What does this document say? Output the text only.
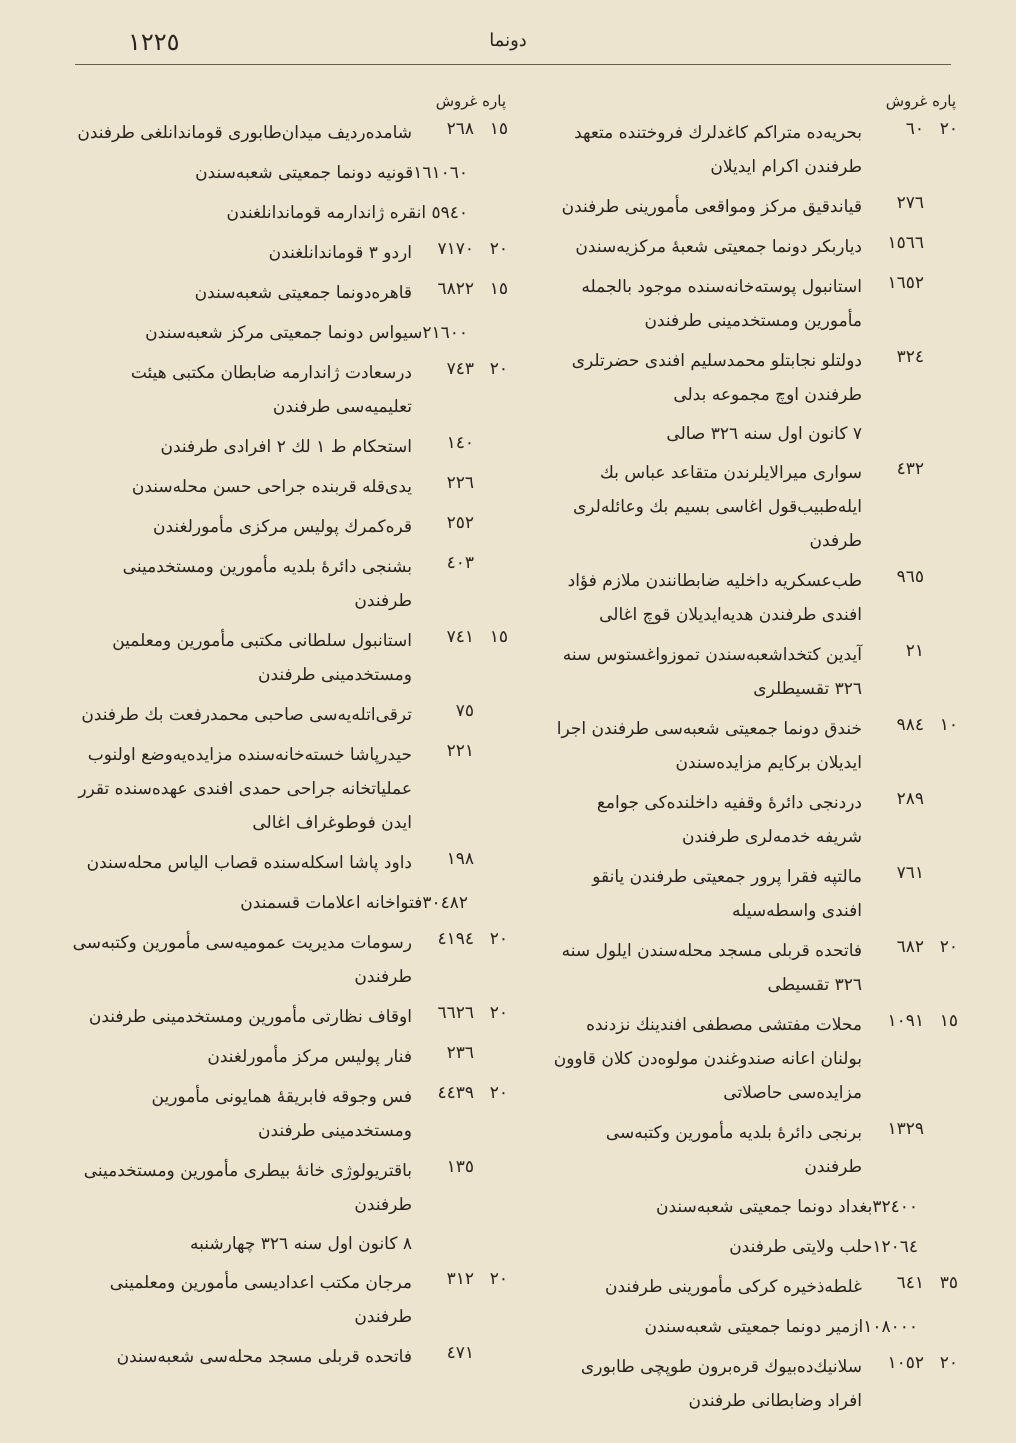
١٢٢٥	دونما
پاره غروش
٢٠
٦٠
بحریه‌ده متراکم کاغدلرك فروختنده متعهد طرفندن اکرام ایدیلان
٢٧٦
قیاندقیق مرکز ومواقعی مأمورینی طرفندن
١٥٦٦
دیاربکر دونما جمعیتی شعبهٔ مرکزیه‌سندن
١٦٥٢
استانبول پوسته‌خانه‌سنده موجود بالجمله مأمورین ومستخدمینی طرفندن
٣٢٤
دولتلو نجابتلو محمدسلیم افندی حضرتلری طرفندن اوچ مجموعه بدلی
٧ کانون اول سنه ٣٢٦ صالی
٤٣٢
سواری میرالایلرندن متقاعد عباس بك ایله‌طبیب‌قول اغاسی بسیم بك وعائله‌لری طرفدن
٩٦٥
طب‌عسکریه داخلیه ضابطانندن ملازم فؤاد افندی طرفندن هدیه‌ایدیلان قوچ اغالی
٢١
آیدین کتخداشعبه‌سندن تموزواغستوس سنه ٣٢٦ تقسیطلری
١٠
٩٨٤
خندق دونما جمعیتی شعبه‌سی طرفندن اجرا ایدیلان برکایم مزایده‌سندن
٢٨٩
دردنجی دائرهٔ وقفیه داخلنده‌کی جوامع شریفه خدمه‌لری طرفندن
٧٦١
مالتپه فقرا پرور جمعیتی طرفندن یانقو افندی واسطه‌سیله
٢٠
٦٨٢
فاتحده قربلی مسجد محله‌سندن ایلول سنه ٣٢٦ تقسیطی
١٥
١٠٩١
محلات مفتشی مصطفی افندینك نزدنده بولنان اعانه صندوغندن مولوه‌دن کلان قاوون مزایده‌سی حاصلاتی
١٣٢٩
برنجی دائرهٔ بلدیه مأمورین وکتبه‌سی طرفندن
٣٢٤٠٠بغداد دونما جمعیتی شعبه‌سندن
١٢٠٦٤حلب ولایتی طرفندن
٣٥
٦٤١
غلطه‌ذخیره کرکی مأمورینی طرفندن
١٠٨٠٠٠ازمیر دونما جمعیتی شعبه‌سندن
٢٠
١٠٥٢
سلانیك‌ده‌بیوك قره‌برون طوپچی طابوری افراد وضابطانی طرفندن
پاره غروش
١٥
٢٦٨
شامده‌ردیف میدان‌طابوری قوماندانلغی طرفندن
١٦١٠٦٠قونیه دونما جمعیتی شعبه‌سندن
٥٩٤٠ انقره ژاندارمه قوماندانلغندن
٢٠
٧١٧٠
اردو ٣ قوماندانلغندن
١٥
٦٨٢٢
قاهره‌دونما جمعیتی شعبه‌سندن
٢١٦٠٠سیواس دونما جمعیتی مرکز شعبه‌سندن
٢٠
٧٤٣
درسعادت ژاندارمه ضابطان مکتبی هیئت تعلیمیه‌سی طرفندن
١٤٠
استحکام ط ١ لك ٢ افرادی طرفندن
٢٢٦
یدی‌قله قربنده جراحی حسن محله‌سندن
٢٥٢
قره‌کمرك پولیس مرکزی مأمورلغندن
٤٠٣
بشنجی دائرهٔ بلدیه مأمورین ومستخدمینی طرفندن
١٥
٧٤١
استانبول سلطانی مکتبی مأمورین ومعلمین ومستخدمینی طرفندن
٧٥
ترقی‌اتله‌یه‌سی صاحبی محمدرفعت بك طرفندن
٢٢١
حیدرپاشا خسته‌خانه‌سنده مزایده‌یه‌وضع اولنوب عملیاتخانه جراحی حمدی افندی عهده‌سنده تقرر ایدن فوطوغراف اغالی
١٩٨
داود پاشا اسکله‌سنده قصاب الیاس محله‌سندن
٣٠٤٨٢فتواخانه اعلامات قسمندن
٢٠
٤١٩٤
رسومات مدیریت عمومیه‌سی مأمورین وکتبه‌سی طرفندن
٢٠
٦٦٢٦
اوقاف نظارتی مأمورین ومستخدمینی طرفندن
٢٣٦
فنار پولیس مرکز مأمورلغندن
٢٠
٤٤٣٩
فس وجوقه فابریقهٔ همایونی مأمورین ومستخدمینی طرفندن
١٣٥
باقتریولوژی خانهٔ بیطری مأمورین ومستخدمینی طرفندن
٨ کانون اول سنه ٣٢٦ چهارشنبه
٢٠
٣١٢
مرجان مکتب اعدادیسی مأمورین ومعلمینی طرفندن
٤٧١
فاتحده قربلی مسجد محله‌سی شعبه‌سندن
